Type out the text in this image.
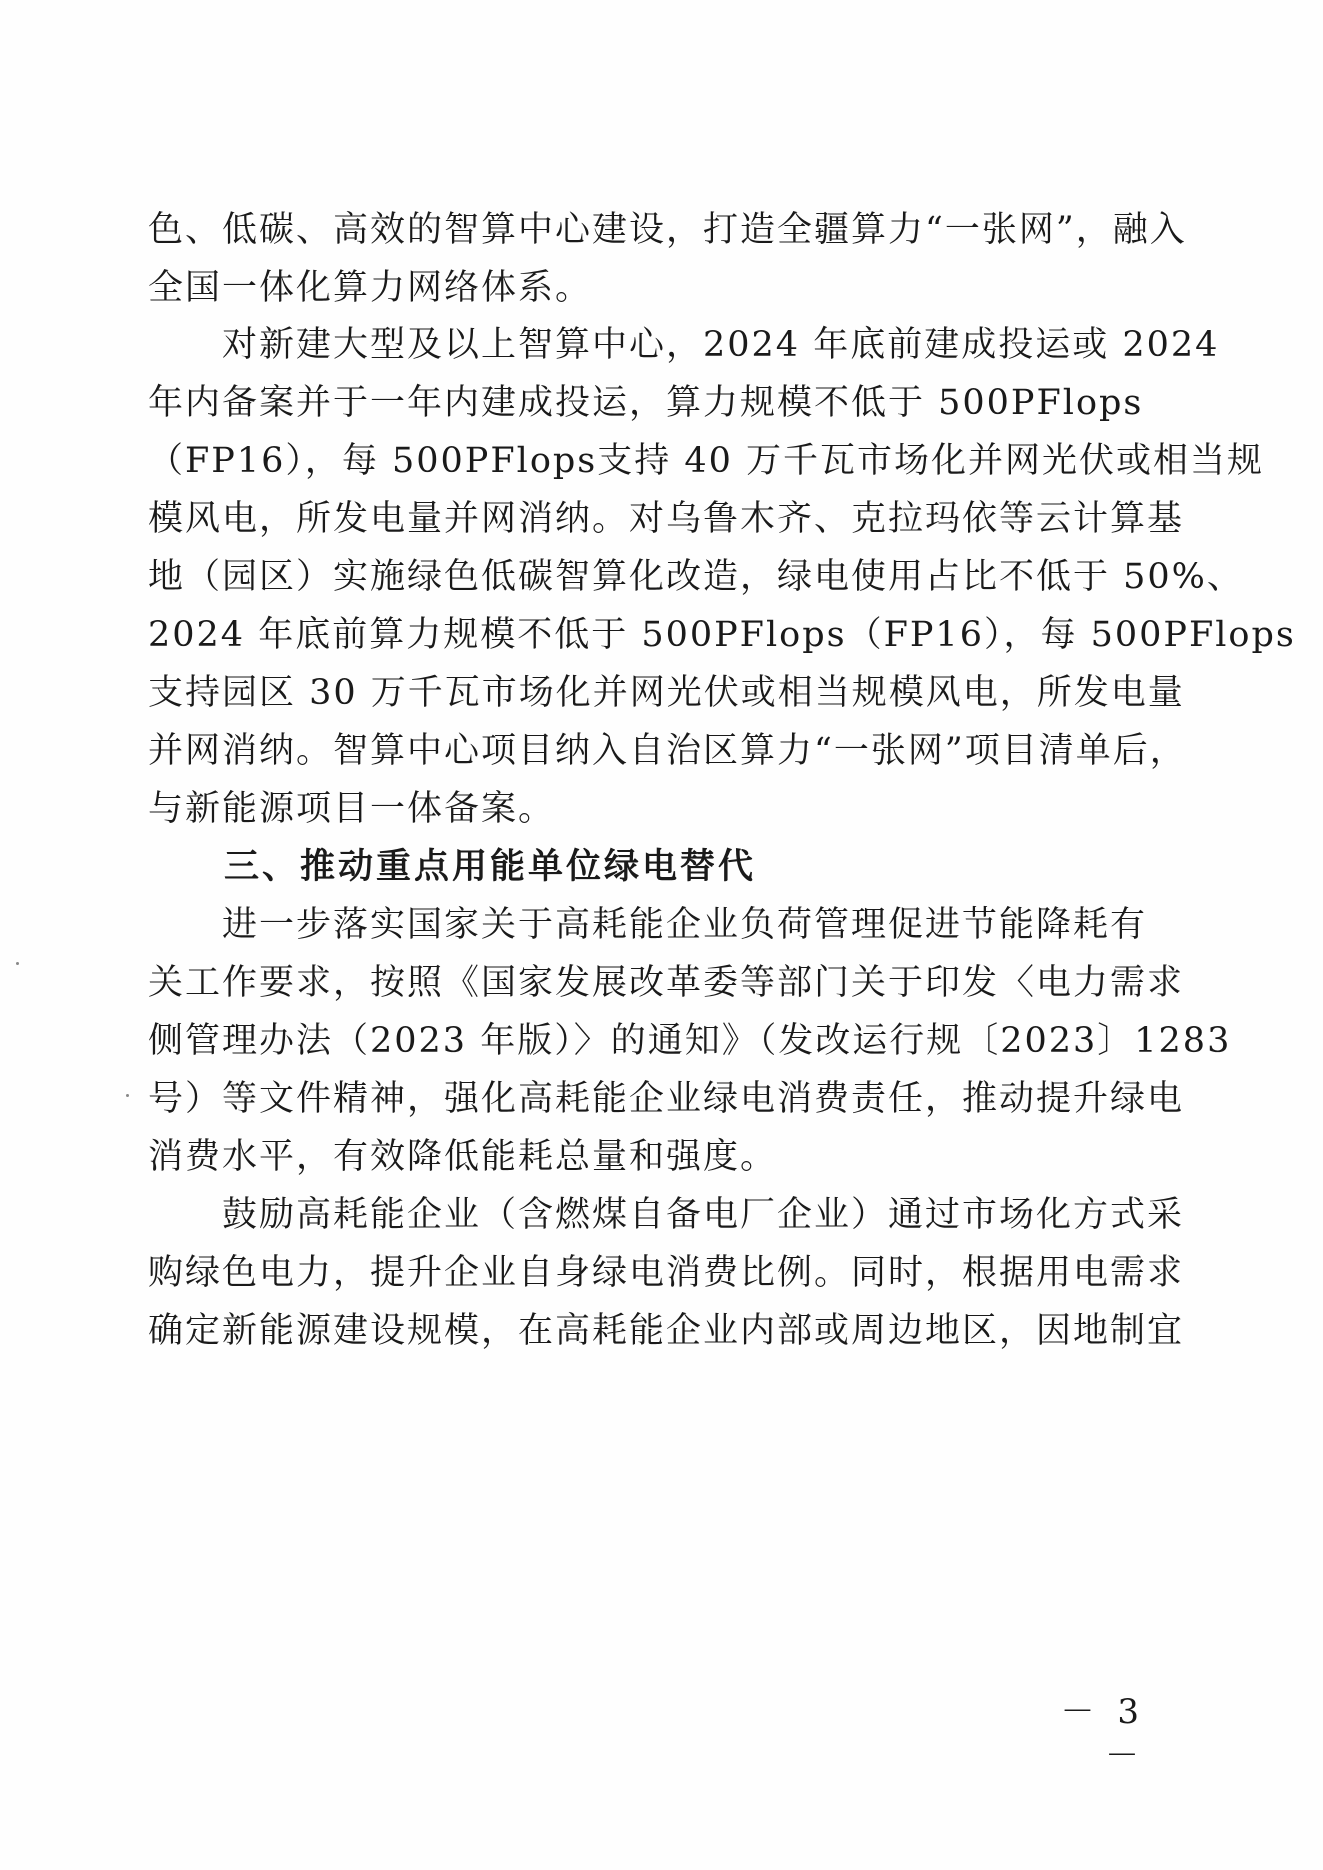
色、低碳、高效的智算中心建设，打造全疆算力“一张网”，融入
全国一体化算力网络体系。
　　对新建大型及以上智算中心，2024 年底前建成投运或 2024
年内备案并于一年内建成投运，算力规模不低于 500PFlops
（FP16），每 500PFlops支持 40 万千瓦市场化并网光伏或相当规
模风电，所发电量并网消纳。对乌鲁木齐、克拉玛依等云计算基
地（园区）实施绿色低碳智算化改造，绿电使用占比不低于 50%、
2024 年底前算力规模不低于 500PFlops（FP16），每 500PFlops
支持园区 30 万千瓦市场化并网光伏或相当规模风电，所发电量
并网消纳。智算中心项目纳入自治区算力“一张网”项目清单后，
与新能源项目一体备案。
　　三、推动重点用能单位绿电替代
　　进一步落实国家关于高耗能企业负荷管理促进节能降耗有
关工作要求，按照《国家发展改革委等部门关于印发〈电力需求
侧管理办法（2023 年版）〉的通知》（发改运行规〔2023〕1283
号）等文件精神，强化高耗能企业绿电消费责任，推动提升绿电
消费水平，有效降低能耗总量和强度。
　　鼓励高耗能企业（含燃煤自备电厂企业）通过市场化方式采
购绿色电力，提升企业自身绿电消费比例。同时，根据用电需求
确定新能源建设规模，在高耗能企业内部或周边地区，因地制宜
－ 3 －
